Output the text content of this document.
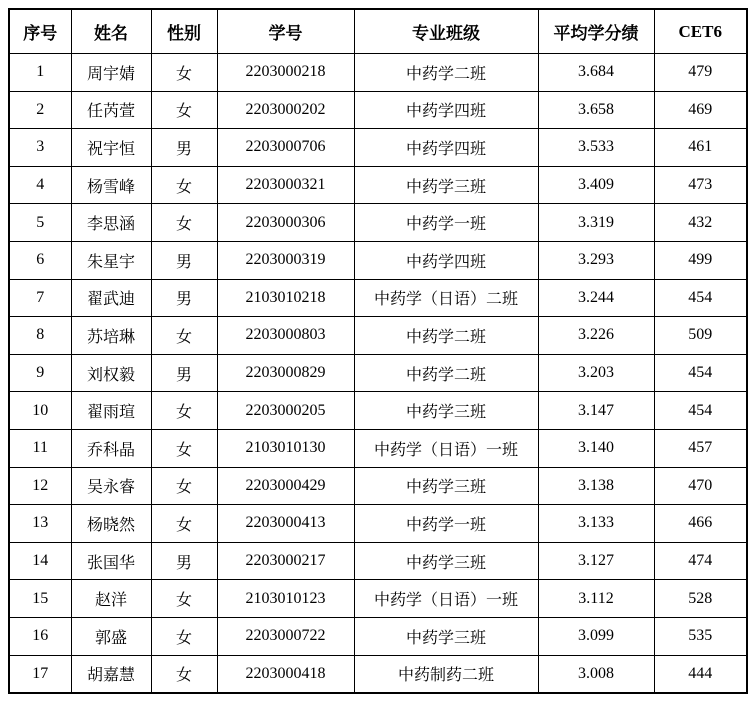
序号	姓名	性别	学号	专业班级	平均学分绩	CET6
1	周宇婧	女	2203000218	中药学二班	3.684	479
2	任芮萱	女	2203000202	中药学四班	3.658	469
3	祝宇恒	男	2203000706	中药学四班	3.533	461
4	杨雪峰	女	2203000321	中药学三班	3.409	473
5	李思涵	女	2203000306	中药学一班	3.319	432
6	朱星宇	男	2203000319	中药学四班	3.293	499
7	翟武迪	男	2103010218	中药学（日语）二班	3.244	454
8	苏培琳	女	2203000803	中药学二班	3.226	509
9	刘权毅	男	2203000829	中药学二班	3.203	454
10	翟雨瑄	女	2203000205	中药学三班	3.147	454
11	乔科晶	女	2103010130	中药学（日语）一班	3.140	457
12	吴永睿	女	2203000429	中药学三班	3.138	470
13	杨晓然	女	2203000413	中药学一班	3.133	466
14	张国华	男	2203000217	中药学三班	3.127	474
15	赵洋	女	2103010123	中药学（日语）一班	3.112	528
16	郭盛	女	2203000722	中药学三班	3.099	535
17	胡嘉慧	女	2203000418	中药制药二班	3.008	444
